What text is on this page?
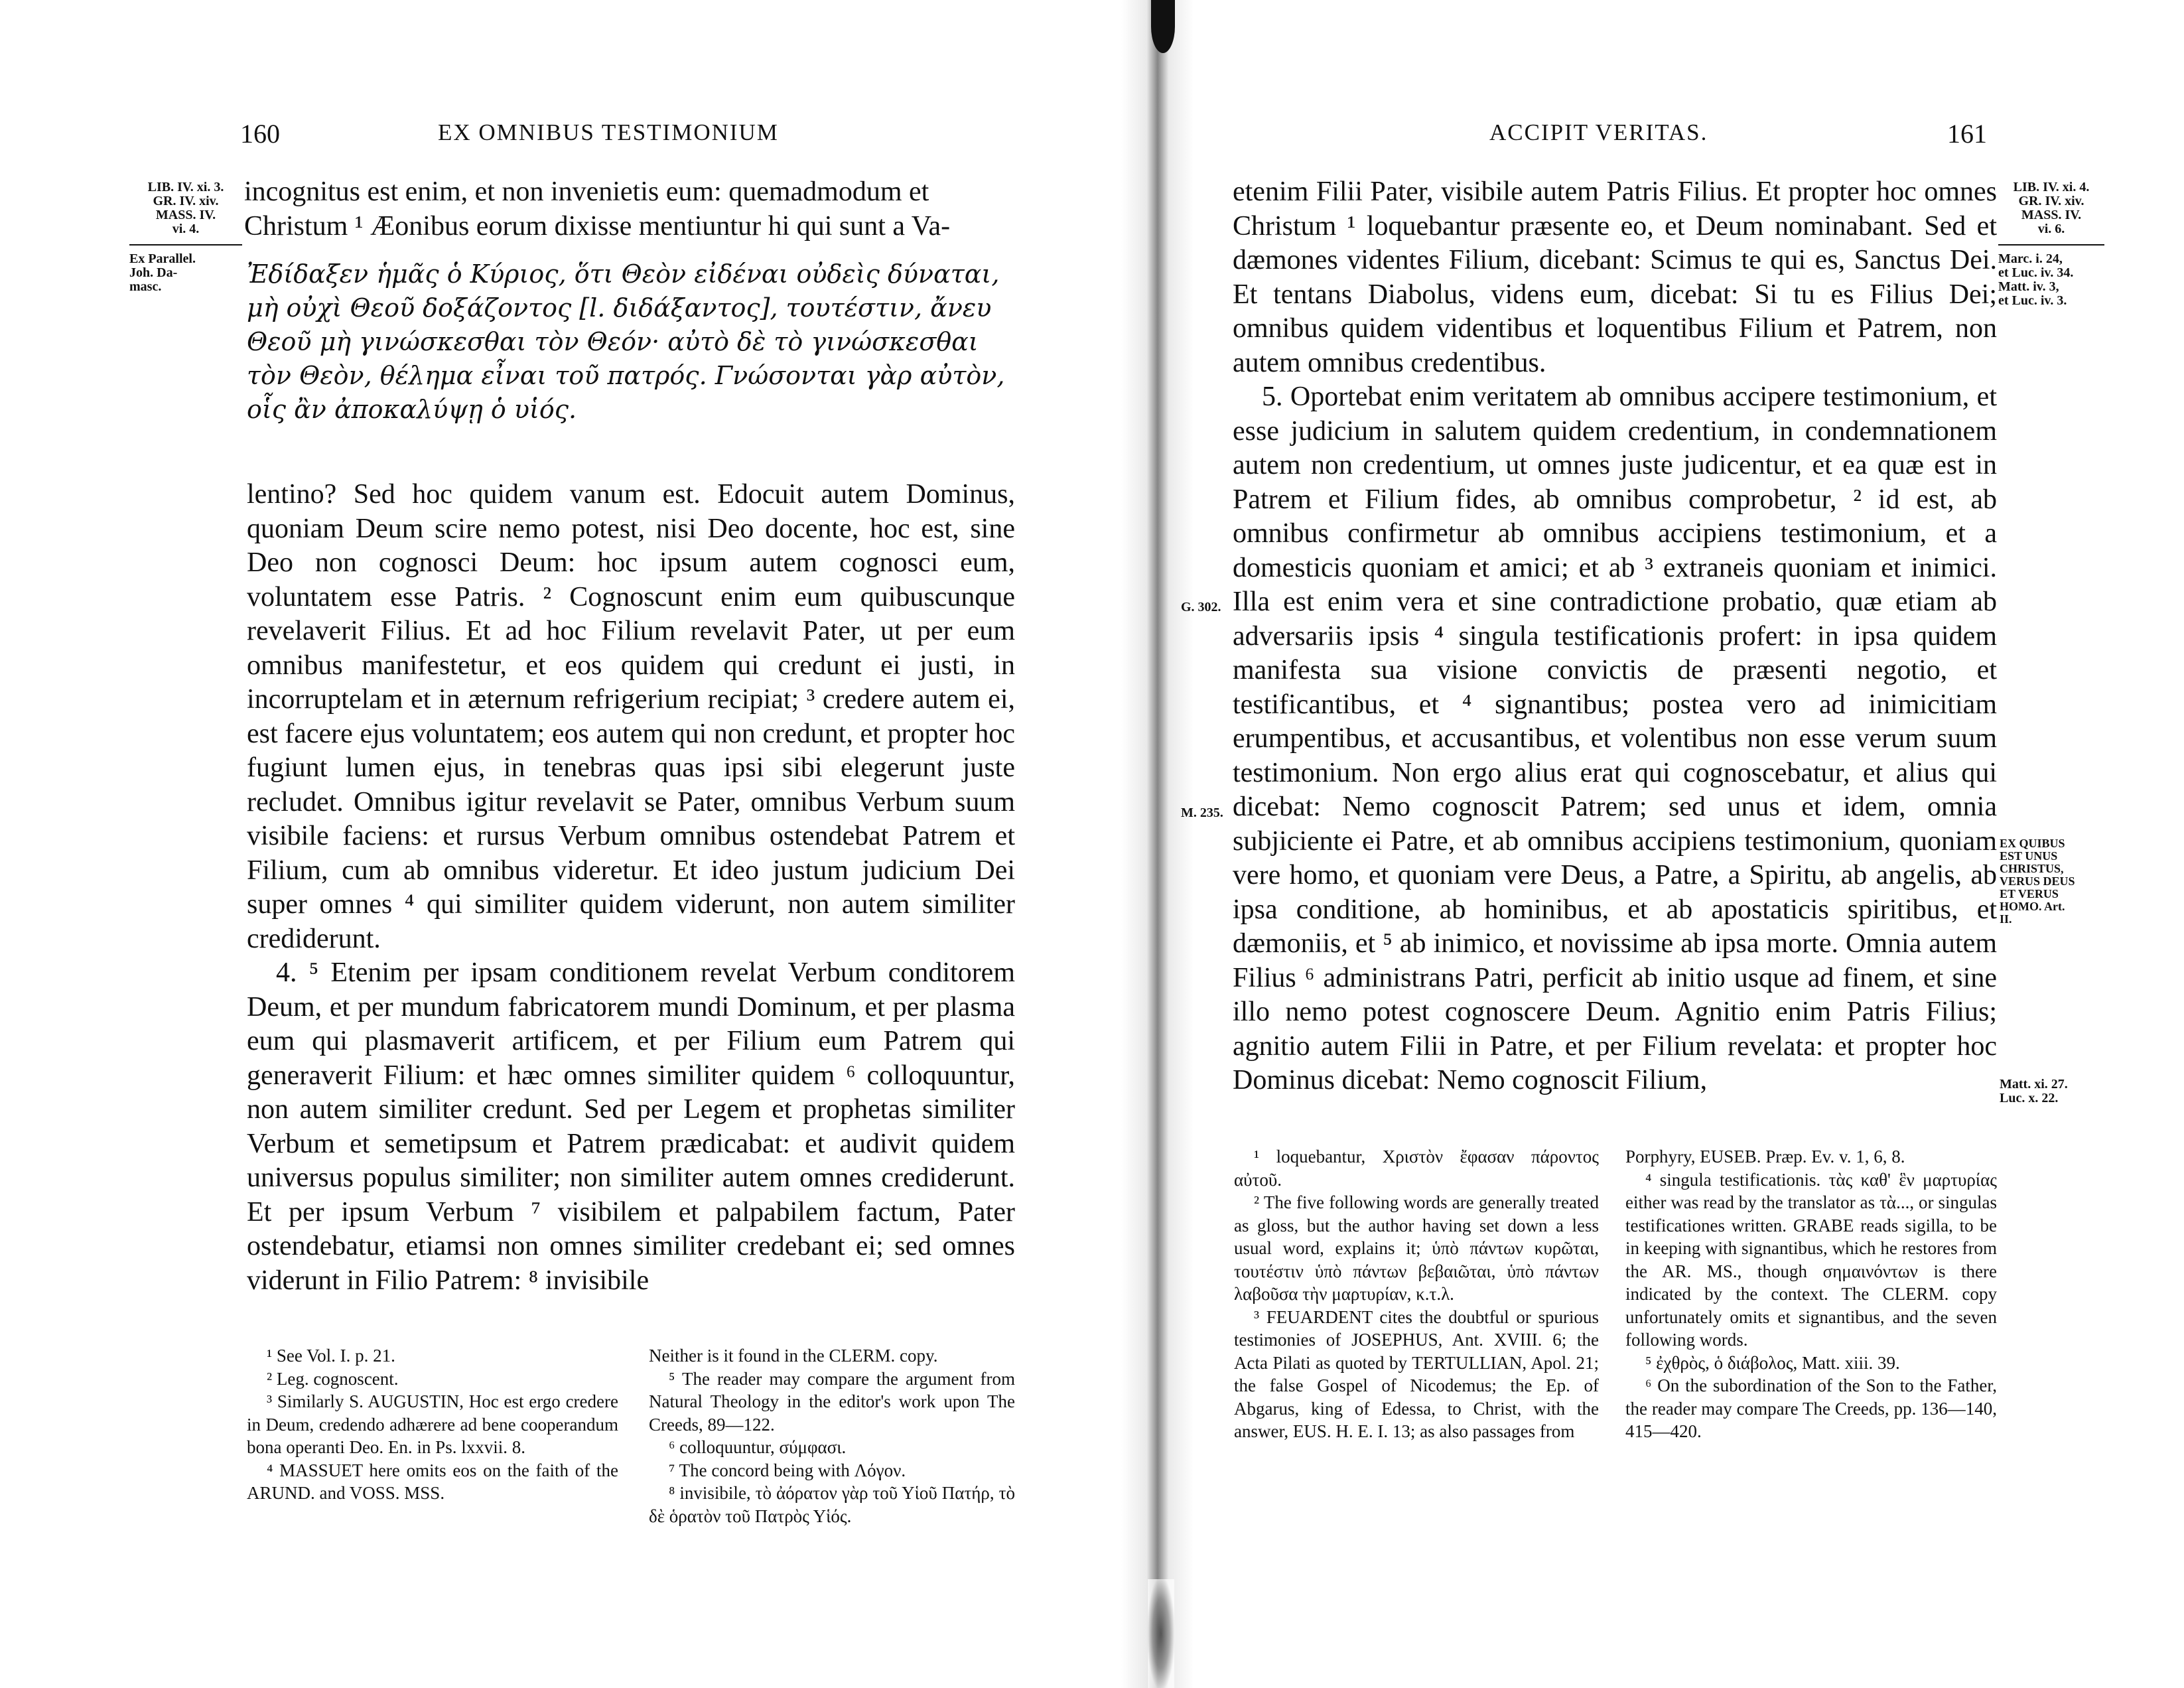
160	EX OMNIBUS TESTIMONIUM
LIB. IV. xi. 3.
GR. IV. xiv.
MASS. IV.
vi. 4.
Ex Parallel.
Joh. Da-
masc.

incognitus est enim, et non invenietis eum: quemadmodum et

Christum ¹ Æonibus eorum dixisse mentiuntur hi qui sunt a Va-

Ἐδίδαξεν ἡμᾶς ὁ Κύριος, ὅτι Θεὸν εἰδέναι οὐδεὶς δύναται,

μὴ οὐχὶ Θεοῦ δοξάζοντος [l. διδάξαντος], τουτέστιν, ἄνευ

Θεοῦ μὴ γινώσκεσθαι τὸν Θεόν· αὐτὸ δὲ τὸ γινώσκεσθαι

τὸν Θεὸν, θέλημα εἶναι τοῦ πατρός. Γνώσονται γὰρ αὐτὸν,

οἷς ἂν ἀποκαλύψῃ ὁ υἱός.

lentino? Sed hoc quidem vanum est. Edocuit autem Dominus, quoniam Deum scire nemo potest, nisi Deo docente, hoc est, sine Deo non cognosci Deum: hoc ipsum autem cognosci eum, voluntatem esse Patris. ² Cognoscunt enim eum quibuscunque revelaverit Filius. Et ad hoc Filium revelavit Pater, ut per eum omnibus manifestetur, et eos quidem qui credunt ei justi, in incorruptelam et in æternum refrigerium recipiat; ³ credere autem ei, est facere ejus voluntatem; eos autem qui non credunt, et propter hoc fugiunt lumen ejus, in tenebras quas ipsi sibi elegerunt juste recludet. Omnibus igitur revelavit se Pater, omnibus Verbum suum visibile faciens: et rursus Verbum omnibus ostendebat Patrem et Filium, cum ab omnibus videretur. Et ideo justum judicium Dei super omnes ⁴ qui similiter quidem viderunt, non autem similiter crediderunt.

4. ⁵ Etenim per ipsam conditionem revelat Verbum conditorem Deum, et per mundum fabricatorem mundi Dominum, et per plasma eum qui plasmaverit artificem, et per Filium eum Patrem qui generaverit Filium: et hæc omnes similiter quidem ⁶ colloquuntur, non autem similiter credunt. Sed per Legem et prophetas similiter Verbum et semetipsum et Patrem prædicabat: et audivit quidem universus populus similiter; non similiter autem omnes crediderunt. Et per ipsum Verbum ⁷ visibilem et palpabilem factum, Pater ostendebatur, etiamsi non omnes similiter credebant ei; sed omnes viderunt in Filio Patrem: ⁸ invisibile

¹ See Vol. I. p. 21.

² Leg. cognoscent.

³ Similarly S. AUGUSTIN, Hoc est ergo credere in Deum, credendo adhærere ad bene cooperandum bona operanti Deo. En. in Ps. lxxvii. 8.

⁴ MASSUET here omits eos on the faith of the ARUND. and VOSS. MSS.

Neither is it found in the CLERM. copy.

⁵ The reader may compare the argument from Natural Theology in the editor's work upon The Creeds, 89—122.

⁶ colloquuntur, σύμφασι.

⁷ The concord being with Λόγον.

⁸ invisibile, τὸ ἀόρατον γὰρ τοῦ Υἱοῦ Πατήρ, τὸ δὲ ὁρατὸν τοῦ Πατρὸς Υἱός.

ACCIPIT VERITAS.	161

etenim Filii Pater, visibile autem Patris Filius. Et propter hoc omnes Christum ¹ loquebantur præsente eo, et Deum nominabant. Sed et dæmones videntes Filium, dicebant: Scimus te qui es, Sanctus Dei. Et tentans Diabolus, videns eum, dicebat: Si tu es Filius Dei; omnibus quidem videntibus et loquentibus Filium et Patrem, non autem omnibus credentibus.

5. Oportebat enim veritatem ab omnibus accipere testimonium, et esse judicium in salutem quidem credentium, in condemnationem autem non credentium, ut omnes juste judicentur, et ea quæ est in Patrem et Filium fides, ab omnibus comprobetur, ² id est, ab omnibus confirmetur ab omnibus accipiens testimonium, et a domesticis quoniam et amici; et ab ³ extraneis quoniam et inimici. Illa est enim vera et sine contradictione probatio, quæ etiam ab adversariis ipsis ⁴ singula testificationis profert: in ipsa quidem manifesta sua visione convictis de præsenti negotio, et testificantibus, et ⁴ signantibus; postea vero ad inimicitiam erumpentibus, et accusantibus, et volentibus non esse verum suum testimonium. Non ergo alius erat qui cognoscebatur, et alius qui dicebat: Nemo cognoscit Patrem; sed unus et idem, omnia subjiciente ei Patre, et ab omnibus accipiens testimonium, quoniam vere homo, et quoniam vere Deus, a Patre, a Spiritu, ab angelis, ab ipsa conditione, ab hominibus, et ab apostaticis spiritibus, et dæmoniis, et ⁵ ab inimico, et novissime ab ipsa morte. Omnia autem Filius ⁶ administrans Patri, perficit ab initio usque ad finem, et sine illo nemo potest cognoscere Deum. Agnitio enim Patris Filius; agnitio autem Filii in Patre, et per Filium revelata: et propter hoc Dominus dicebat: Nemo cognoscit Filium,

LIB. IV. xi. 4.
GR. IV. xiv.
MASS. IV.
vi. 6.
Marc. i. 24,
et Luc. iv. 34.
Matt. iv. 3,
et Luc. iv. 3.
G. 302.
M. 235.
EX QUIBUS
EST UNUS
CHRISTUS,
VERUS DEUS
ET VERUS
HOMO. Art.
II.
Matt. xi. 27.
Luc. x. 22.

¹ loquebantur, Χριστὸν ἔφασαν πάροντος αὐτοῦ.

² The five following words are generally treated as gloss, but the author having set down a less usual word, explains it; ὑπὸ πάντων κυρῶται, τουτέστιν ὑπὸ πάντων βεβαιῶται, ὑπὸ πάντων λαβοῦσα τὴν μαρτυρίαν, κ.τ.λ.

³ FEUARDENT cites the doubtful or spurious testimonies of JOSEPHUS, Ant. XVIII. 6; the Acta Pilati as quoted by TERTULLIAN, Apol. 21; the false Gospel of Nicodemus; the Ep. of Abgarus, king of Edessa, to Christ, with the answer, EUS. H. E. I. 13; as also passages from

Porphyry, EUSEB. Præp. Ev. v. 1, 6, 8.

⁴ singula testificationis. τὰς καθ' ἓν μαρτυρίας either was read by the translator as τὰ..., or singulas testificationes written. GRABE reads sigilla, to be in keeping with signantibus, which he restores from the AR. MS., though σημαινόντων is there indicated by the context. The CLERM. copy unfortunately omits et signantibus, and the seven following words.

⁵ ἐχθρὸς, ὁ διάβολος, Matt. xiii. 39.

⁶ On the subordination of the Son to the Father, the reader may compare The Creeds, pp. 136—140, 415—420.
